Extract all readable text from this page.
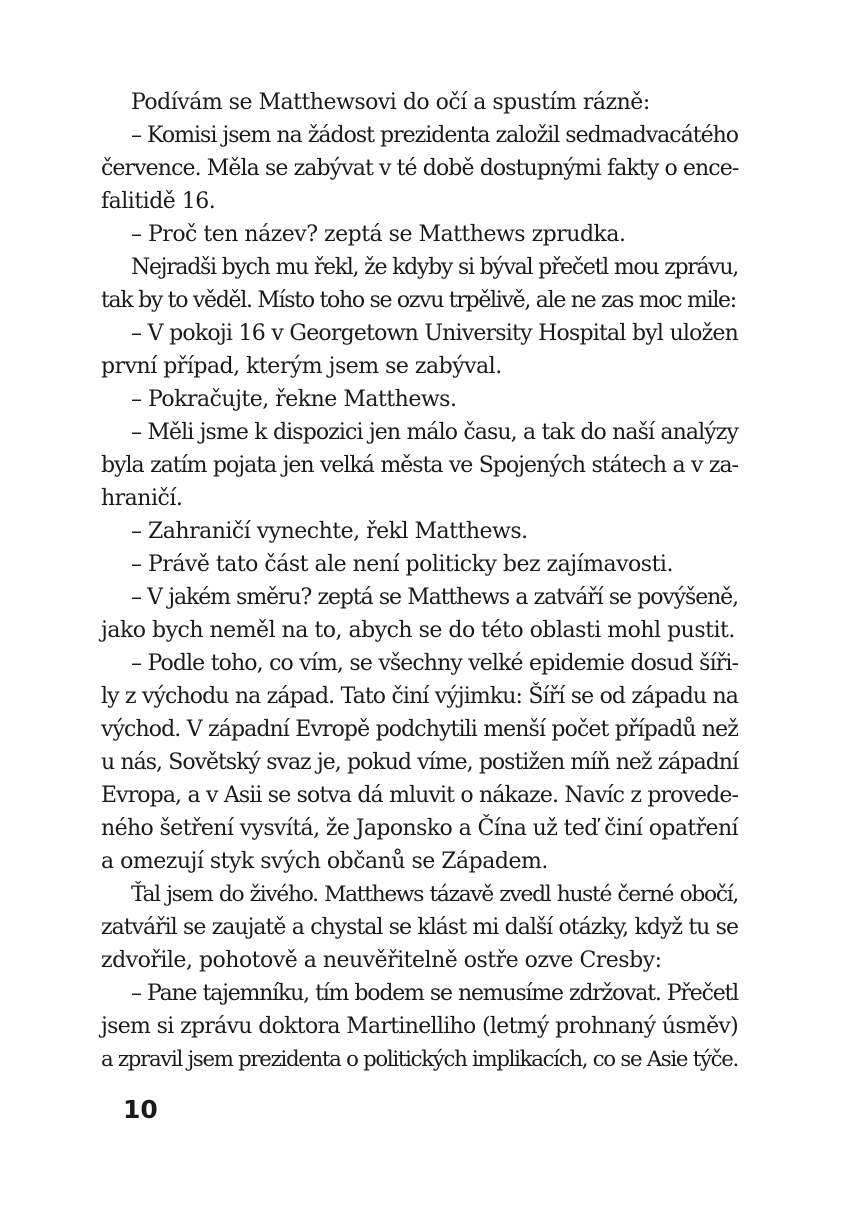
Podívám se Matthewsovi do očí a spustím rázně:
– Komisi jsem na žádost prezidenta založil sedmadvacátého
července. Měla se zabývat v té době dostupnými fakty o ence-
falitidě 16.
– Proč ten název? zeptá se Matthews zprudka.
Nejradši bych mu řekl, že kdyby si býval přečetl mou zprávu,
tak by to věděl. Místo toho se ozvu trpělivě, ale ne zas moc mile:
– V pokoji 16 v Georgetown University Hospital byl uložen
první případ, kterým jsem se zabýval.
– Pokračujte, řekne Matthews.
– Měli jsme k dispozici jen málo času, a tak do naší analýzy
byla zatím pojata jen velká města ve Spojených státech a v za-
hraničí.
– Zahraničí vynechte, řekl Matthews.
– Právě tato část ale není politicky bez zajímavosti.
– V jakém směru? zeptá se Matthews a zatváří se povýšeně,
jako bych neměl na to, abych se do této oblasti mohl pustit.
– Podle toho, co vím, se všechny velké epidemie dosud šíři-
ly z východu na západ. Tato činí výjimku: Šíří se od západu na
východ. V západní Evropě podchytili menší počet případů než
u nás, Sovětský svaz je, pokud víme, postižen míň než západní
Evropa, a v Asii se sotva dá mluvit o nákaze. Navíc z provede-
ného šetření vysvítá, že Japonsko a Čína už teď činí opatření
a omezují styk svých občanů se Západem.
Ťal jsem do živého. Matthews tázavě zvedl husté černé obočí,
zatvářil se zaujatě a chystal se klást mi další otázky, když tu se
zdvořile, pohotově a neuvěřitelně ostře ozve Cresby:
– Pane tajemníku, tím bodem se nemusíme zdržovat. Přečetl
jsem si zprávu doktora Martinelliho (letmý prohnaný úsměv)
a zpravil jsem prezidenta o politických implikacích, co se Asie týče.
10
